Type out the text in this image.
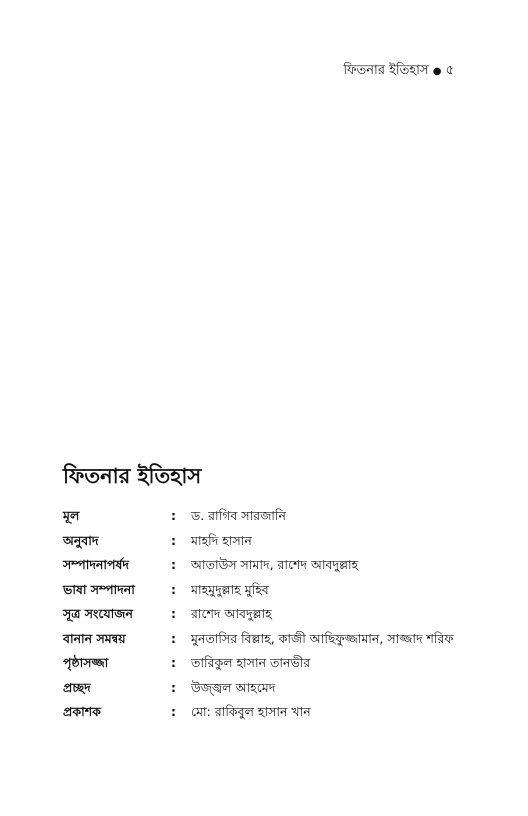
ফিতনার ইতিহাস ● ৫
ফিতনার ইতিহাস
মূল	: ড. রাগিব সারজানি
অনুবাদ	: মাহদি হাসান
সম্পাদনাপর্ষদ	: আতাউস সামাদ, রাশেদ আবদুল্লাহ
ভাষা সম্পাদনা	: মাহমুদুল্লাহ মুহিব
সূত্র সংযোজন	: রাশেদ আবদুল্লাহ
বানান সমন্বয়	: মুনতাসির বিল্লাহ, কাজী আছিফুজ্জামান, সাজ্জাদ শরিফ
পৃষ্ঠাসজ্জা	: তারিকুল হাসান তানভীর
প্রচ্ছদ	: উজ্জ্বল আহমেদ
প্রকাশক	: মো: রাকিবুল হাসান খান
